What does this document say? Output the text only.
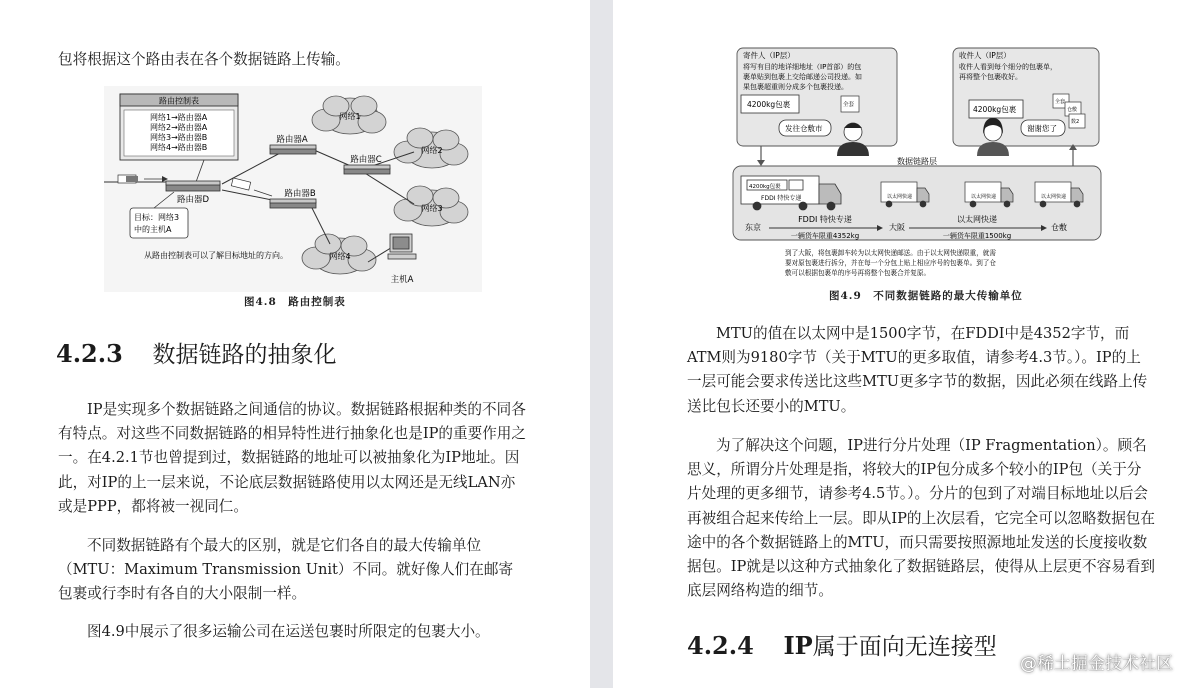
包将根据这个路由表在各个数据链路上传输。

路由控制表
网络1→路由器A
网络2→路由器A
网络3→路由器B
网络4→路由器B
路由器D
路由器A
路由器B
路由器C
网络1
网络2
网络3
网络4
目标：网络3
中的主机A
主机A
从路由控制表可以了解目标地址的方向。
图4.8　路由控制表
4.2.3 数据链路的抽象化

IP是实现多个数据链路之间通信的协议。数据链路根据种类的不同各有特点。对这些不同数据链路的相异特性进行抽象化也是IP的重要作用之一。在4.2.1节也曾提到过，数据链路的地址可以被抽象化为IP地址。因此，对IP的上一层来说，不论底层数据链路使用以太网还是无线LAN亦或是PPP，都将被一视同仁。

不同数据链路有个最大的区别，就是它们各自的最大传输单位（MTU：Maximum Transmission Unit）不同。就好像人们在邮寄包裹或行李时有各自的大小限制一样。

图4.9中展示了很多运输公司在运送包裹时所限定的包裹大小。

寄件人（IP层）
将写有目的地详细地址（IP首部）的包
裹单贴到包裹上交给邮递公司投递。如
果包裹超重则分成多个包裹投递。
4200kg包裹	全套
发往仓敷市
收件人（IP层）
收件人看到每个细分的包裹单，
再将整个包裹收好。
4200kg包裹
全套
仓敷
数2
谢谢您了
数据链路层
4200kg包裹
FDDI 特快专递	以太网快递	以太网快递	以太网快递
东京	大阪	仓敷
FDDI 特快专递
一辆货车限重4352kg
以太网快递
一辆货车限重1500kg
到了大阪，将包裹卸车转为以太网快递邮送。由于以太网快递限重，就需
要对原包裹进行拆分，并在每一个分包上贴上相应序号的包裹单。到了仓
敷可以根据包裹单的序号再将整个包裹合并复原。
图4.9　不同数据链路的最大传输单位

MTU的值在以太网中是1500字节，在FDDI中是4352字节，而ATM则为9180字节（关于MTU的更多取值，请参考4.3节。）。IP的上一层可能会要求传送比这些MTU更多字节的数据，因此必须在线路上传送比包长还要小的MTU。

为了解决这个问题，IP进行分片处理（IP Fragmentation）。顾名思义，所谓分片处理是指，将较大的IP包分成多个较小的IP包（关于分片处理的更多细节，请参考4.5节。）。分片的包到了对端目标地址以后会再被组合起来传给上一层。即从IP的上次层看，它完全可以忽略数据包在途中的各个数据链路上的MTU，而只需要按照源地址发送的长度接收数据包。IP就是以这种方式抽象化了数据链路层，使得从上层更不容易看到底层网络构造的细节。

4.2.4 IP属于面向无连接型
@稀土掘金技术社区
